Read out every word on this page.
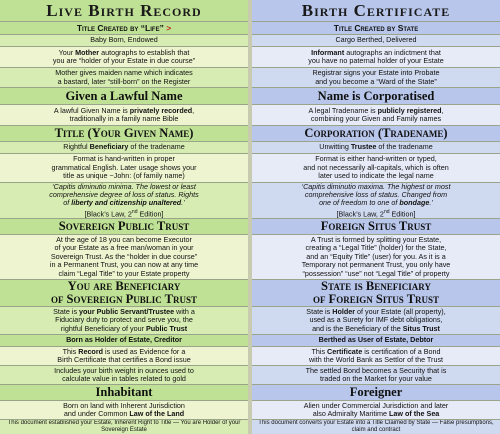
Live Birth Record
Title Created by “Life” >
Baby Born, Endowed
Your Mother autographs to establish that
you are “holder of your Estate in due course”
Mother gives maiden name which indicates
a bastard, later “still-born” on the Register
Given a Lawful Name
A lawful Given Name is privately recorded,
traditionally in a family name Bible
Title (Your Given Name)
Rightful Beneficiary of the tradename
Format is hand-written in proper
grammatical English. Later usage shows your
title as unique ~John: (of family name)
‘Capitis diminutio minima. The lowest or least
comprehensive degree of loss of status. Rights
of liberty and citizenship unaltered.’
[Black’s Law, 2nd Edition]
Sovereign Public Trust
At the age of 18 you can become Executor
of your Estate as a free man/woman in your
Sovereign Trust. As the “holder in due course”
in a Permanent Trust, you can now at any time
claim “Legal Title” to your Estate property
You are Beneficiary
of Sovereign Public Trust
State is your Public Servant/Trustee with a
Fiduciary duty to protect and serve you, the
rightful Beneficiary of your Public Trust
Born as Holder of Estate, Creditor
This Record is used as Evidence for a
Birth Certificate that certifies a Bond issue
Includes your birth weight in ounces used to
calculate value in tables related to gold
Inhabitant
Born on land with Inherent Jurisdiction
and under Common Law of the Land
This document established your Estate, Inherent Right to Title — You are Holder of your Sovereign Estate
Birth Certificate
Title Created by State
Cargo Berthed, Delivered
Informant autographs an indictment that
you have no paternal holder of your Estate
Registrar signs your Estate into Probate
and you become a “Ward of the State”
Name is Corporatised
A legal Tradename is publicly registered,
combining your Given and Family names
Corporation (Tradename)
Unwitting Trustee of the tradename
Format is either hand-written or typed,
and not necessarily all-capitals, which is often
later used to indicate the legal name
‘Capitis diminutio maxima. The highest or most
comprehensive loss of status. Changed from
one of freedom to one of bondage.’
[Black’s Law, 2nd Edition]
Foreign Situs Trust
A Trust is formed by splitting your Estate,
creating a “Legal Title” (holder) for the State,
and an “Equity Title” (user) for you. As it is a
Temporary not permanent Trust, you only have
“possession” “use” not “Legal Title” of property
State is Beneficiary
of Foreign Situs Trust
State is Holder of your Estate (all property),
used as a Surety for IMF debt obligations,
and is the Beneficiary of the Situs Trust
Berthed as User of Estate, Debtor
This Certificate is certification of a Bond
with the World Bank as Settlor of the Trust
The settled Bond becomes a Security that is
traded on the Market for your value
Foreigner
Alien under Commercial Jurisdiction and later
also Admiralty Maritime Law of the Sea
This document converts your Estate into a Title Claimed by State — False presumptions, claim and contract
